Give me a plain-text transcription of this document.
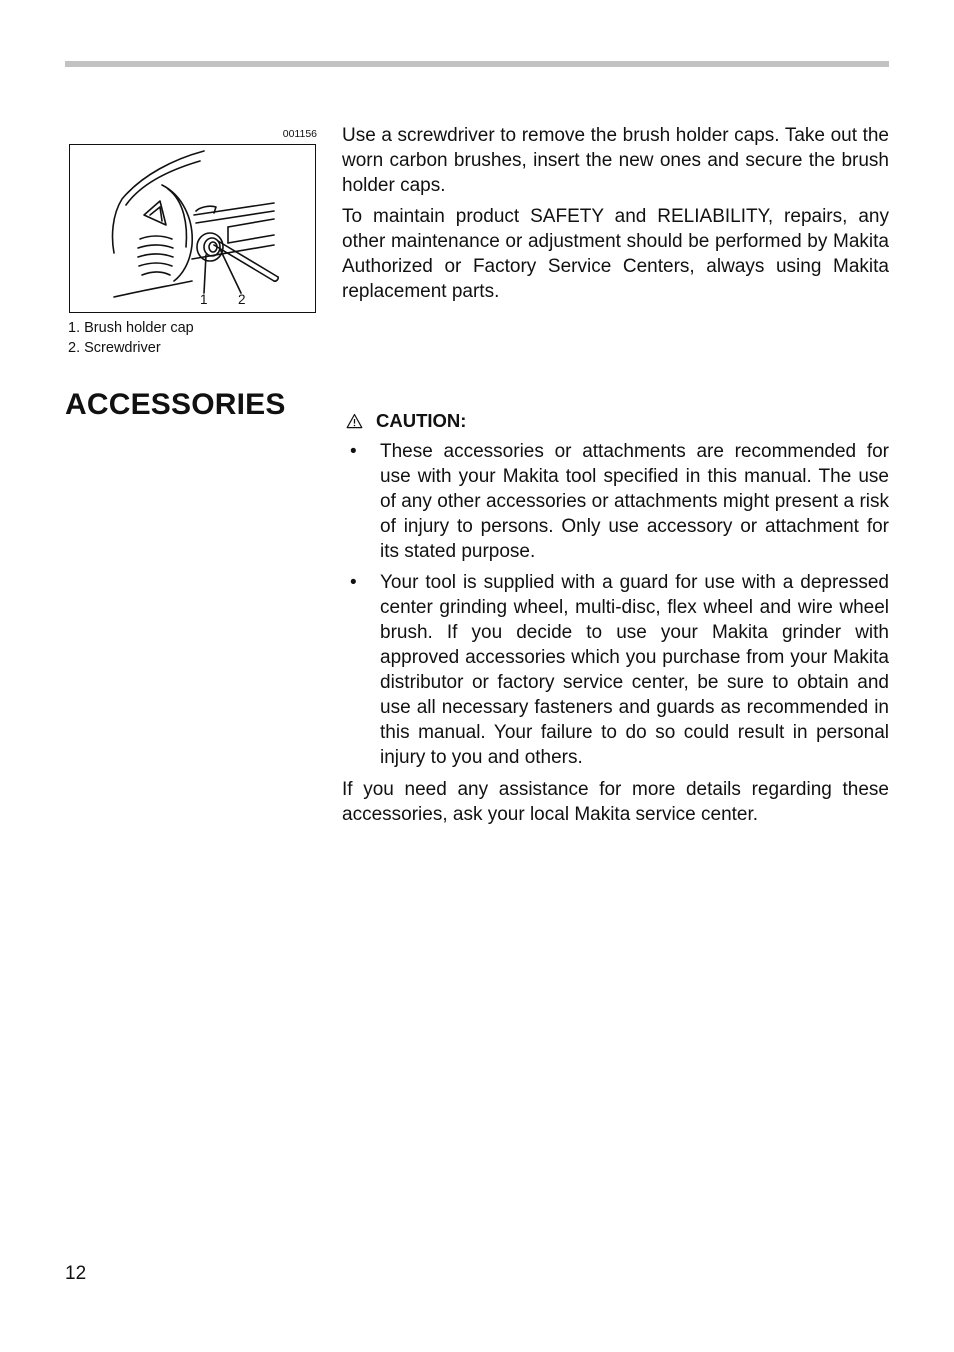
001156
1 2
1. Brush holder cap
2. Screwdriver
ACCESSORIES

Use a screwdriver to remove the brush holder caps. Take out the worn carbon brushes, insert the new ones and secure the brush holder caps.

To maintain product SAFETY and RELIABILITY, repairs, any other maintenance or adjustment should be performed by Makita Authorized or Factory Service Centers, always using Makita replacement parts.

CAUTION:
•	These accessories or attachments are recommended for use with your Makita tool specified in this manual. The use of any other accessories or attachments might present a risk of injury to persons. Only use accessory or attachment for its stated purpose.
•	Your tool is supplied with a guard for use with a depressed center grinding wheel, multi-disc, flex wheel and wire wheel brush. If you decide to use your Makita grinder with approved accessories which you purchase from your Makita distributor or factory service center, be sure to obtain and use all necessary fasteners and guards as recommended in this manual. Your failure to do so could result in personal injury to you and others.

If you need any assistance for more details regarding these accessories, ask your local Makita service center.

12
